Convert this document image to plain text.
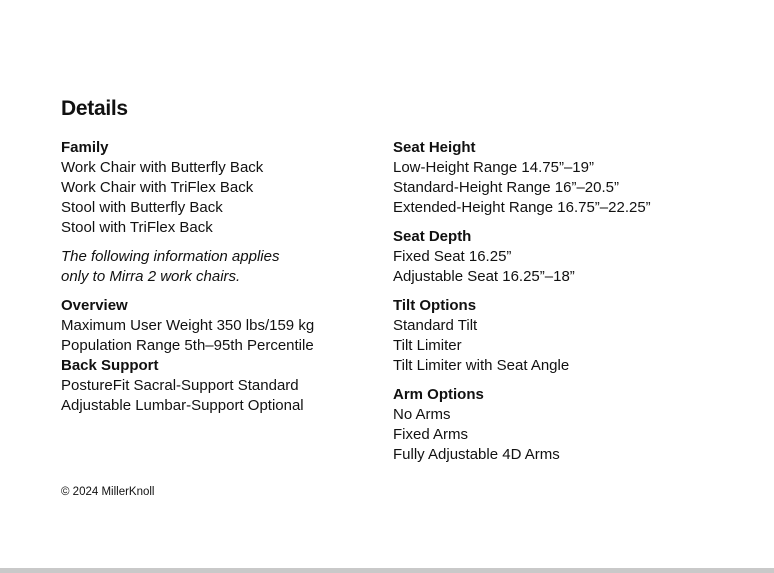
Details
Family
Work Chair with Butterfly Back
Work Chair with TriFlex Back
Stool with Butterfly Back
Stool with TriFlex Back
The following information applies
only to Mirra 2 work chairs.
Overview
Maximum User Weight 350 lbs/159 kg
Population Range 5th–95th Percentile
Back Support
PostureFit Sacral-Support Standard
Adjustable Lumbar-Support Optional
Seat Height
Low-Height Range 14.75”–19”
Standard-Height Range 16”–20.5”
Extended-Height Range 16.75”–22.25”
Seat Depth
Fixed Seat 16.25”
Adjustable Seat 16.25”–18”
Tilt Options
Standard Tilt
Tilt Limiter
Tilt Limiter with Seat Angle
Arm Options
No Arms
Fixed Arms
Fully Adjustable 4D Arms
© 2024 MillerKnoll
